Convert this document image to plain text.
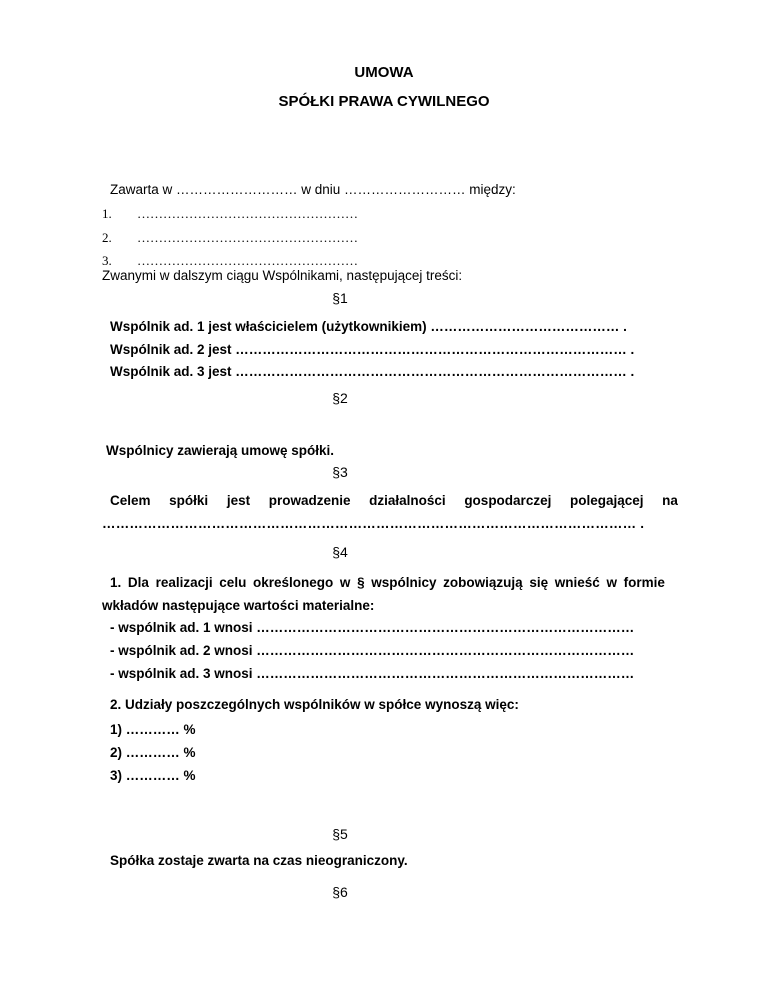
UMOWA
SPÓŁKI PRAWA CYWILNEGO
Zawarta w ……………………… w dniu ……………………… między:
1. ……………………………………………
2. ……………………………………………
3. ……………………………………………
Zwanymi w dalszym ciągu Wspólnikami, następującej treści:
§1
Wspólnik ad. 1 jest właścicielem (użytkownikiem) …………………………………… .
Wspólnik ad. 2 jest …………………………………………………………………………… .
Wspólnik ad. 3 jest …………………………………………………………………………… .
§2
Wspólnicy zawierają umowę spółki.
§3
Celem spółki jest prowadzenie działalności gospodarczej polegającej na
……………………………………………………………………………………………………… .
§4
1. Dla realizacji celu określonego w § wspólnicy zobowiązują się wnieść w formie
wkładów następujące wartości materialne:
- wspólnik ad. 1 wnosi …………………………………………………………………………
- wspólnik ad. 2 wnosi …………………………………………………………………………
- wspólnik ad. 3 wnosi …………………………………………………………………………
2. Udziały poszczególnych wspólników w spółce wynoszą więc:
1) ………… %
2) ………… %
3) ………… %
§5
Spółka zostaje zwarta na czas nieograniczony.
§6
